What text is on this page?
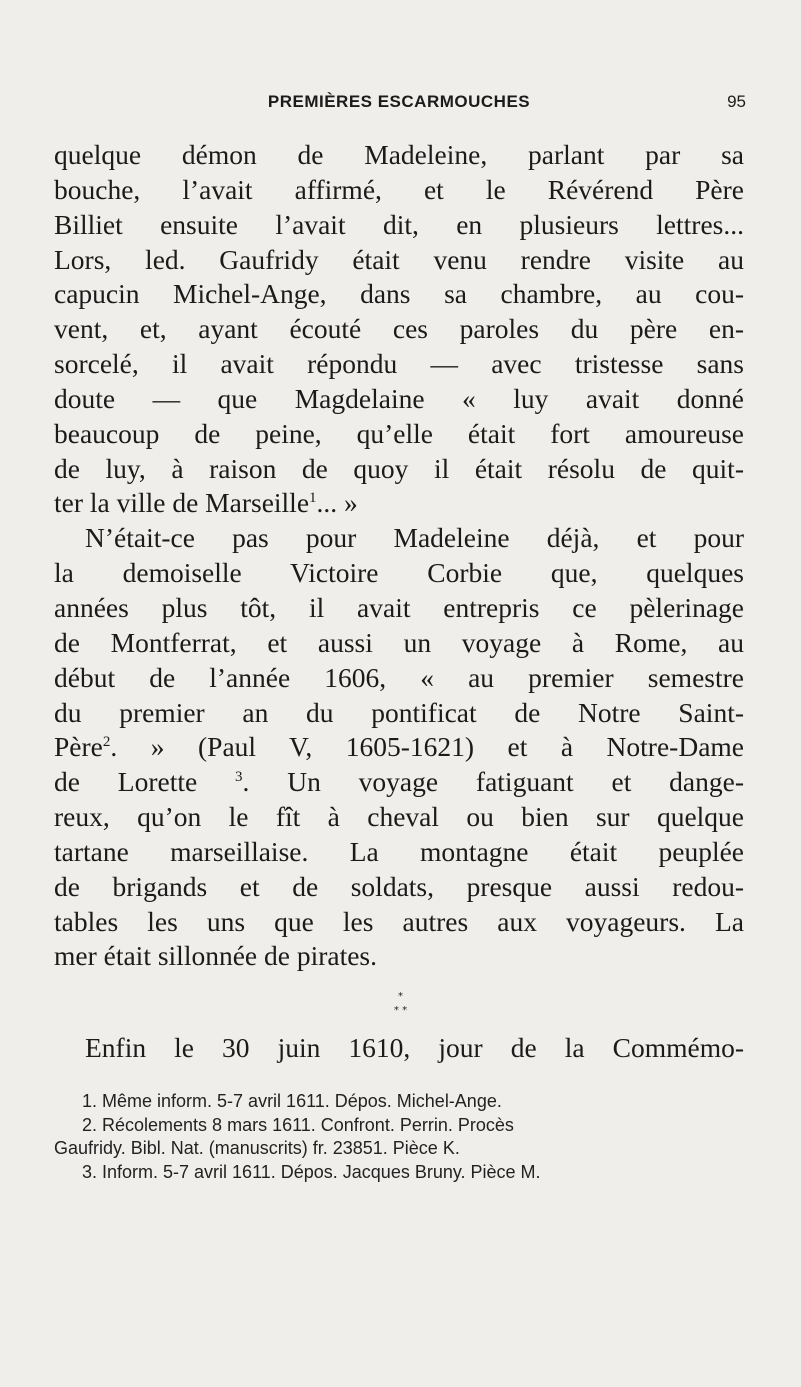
PREMIÈRES ESCARMOUCHES	95
quelque démon de Madeleine, parlant par sa
bouche, l’avait affirmé, et le Révérend Père
Billiet ensuite l’avait dit, en plusieurs lettres...
Lors, led. Gaufridy était venu rendre visite au
capucin Michel-Ange, dans sa chambre, au cou-
vent, et, ayant écouté ces paroles du père en-
sorcelé, il avait répondu — avec tristesse sans
doute — que Magdelaine « luy avait donné
beaucoup de peine, qu’elle était fort amoureuse
de luy, à raison de quoy il était résolu de quit-
ter la ville de Marseille$^1$... »
N’était-ce pas pour Madeleine déjà, et pour
la demoiselle Victoire Corbie que, quelques
années plus tôt, il avait entrepris ce pèlerinage
de Montferrat, et aussi un voyage à Rome, au
début de l’année 1606, « au premier semestre
du premier an du pontificat de Notre Saint-
Père$^2$. » (Paul V, 1605-1621) et à Notre-Dame
de Lorette $^3$. Un voyage fatiguant et dange-
reux, qu’on le fît à cheval ou bien sur quelque
tartane marseillaise. La montagne était peuplée
de brigands et de soldats, presque aussi redou-
tables les uns que les autres aux voyageurs. La
mer était sillonnée de pirates.
*
* *
Enfin le 30 juin 1610, jour de la Commémo-
1. Même inform. 5-7 avril 1611. Dépos. Michel-Ange.
2. Récolements 8 mars 1611. Confront. Perrin. Procès
Gaufridy. Bibl. Nat. (manuscrits) fr. 23851. Pièce K.
3. Inform. 5-7 avril 1611. Dépos. Jacques Bruny. Pièce M.
